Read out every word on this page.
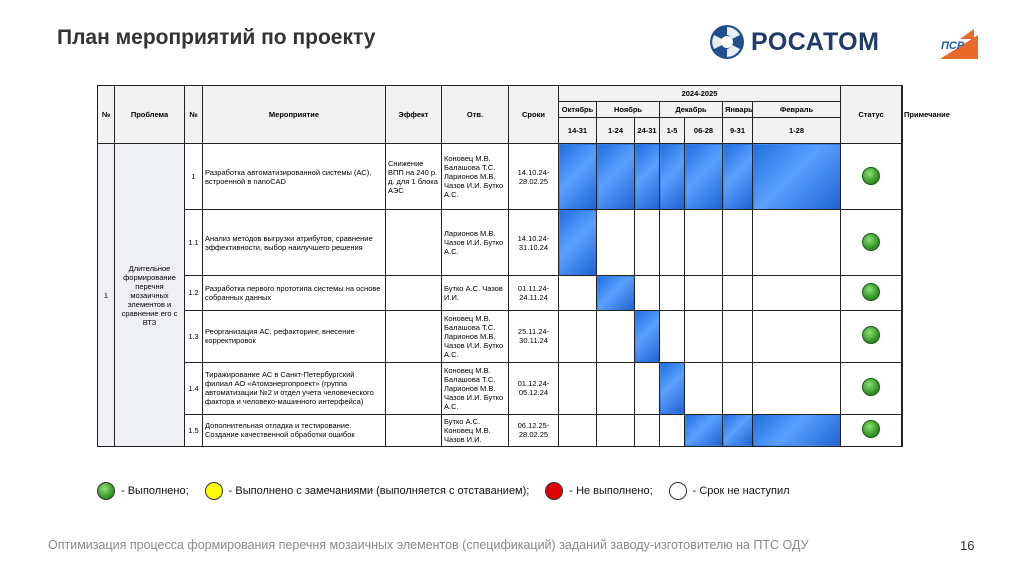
План мероприятий по проекту	РОСАТОМ	ПСР
№	Проблема	№	Мероприятие	Эффект	Отв.	Сроки	2024-2025							Статус	Примечание
							Октябрь	Ноябрь		Декабрь		Январь	Февраль		
							14-31	1-24	24-31	1-5	06-28	9-31	1-28		
1	Длительное формирование перечня мозаичных элементов и сравнение его с ВТЗ	1	Разработка автоматизированной системы (АС), встроенной в nanoCAD	Снижение ВПП на 240 р. д. для 1 блока АЭС	Коновец М.В. Балашова Т.С. Ларионов М.В. Чазов И.И. Бутко А.С.	14.10.24-28.02.25									
		1.1	Анализ методов выгрузки атрибутов, сравнение эффективности, выбор наилучшего решения		Ларионов М.В. Чазов И.И. Бутко А.С.	14.10.24-31.10.24									
		1.2	Разработка первого прототипа системы на основе собранных данных		Бутко А.С. Чазов И.И.	01.11.24-24.11.24									
		1.3	Реорганизация АС, рефакторинг, внесение корректировок		Коновец М.В. Балашова Т.С. Ларионов М.В. Чазов И.И. Бутко А.С.	25.11.24-30.11.24									
		1.4	Тиражирование АС в Санкт-Петербургский филиал АО «Атомэнергопроект» (группа автоматизации №2 и отдел учета человеческого фактора и человеко-машинного интерфейса)		Коновец М.В. Балашова Т.С. Ларионов М.В. Чазов И.И. Бутко А.С.	01.12.24-05.12.24									
		1.5	Дополнительная отладка и тестирование. Создание качественной обработки ошибок		Бутко А.С. Коновец М.В. Чазов И.И.	06.12.25-28.02.25									
- Выполнено;	- Выполнено с замечаниями (выполняется с отставанием);	- Не выполнено;	- Срок не наступил
Оптимизация процесса формирования перечня мозаичных элементов (спецификаций) заданий заводу-изготовителю на ПТС ОДУ	16
